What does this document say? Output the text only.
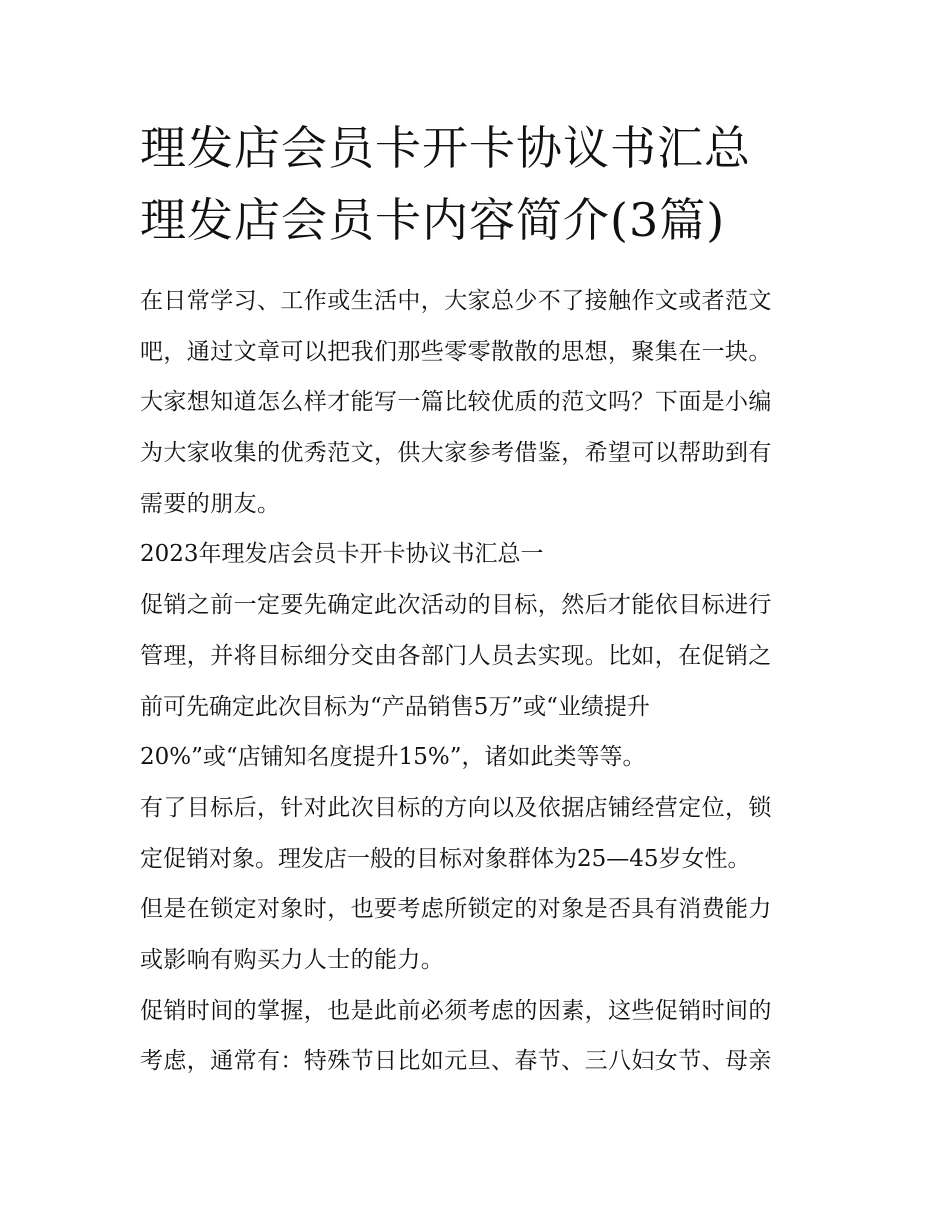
理发店会员卡开卡协议书汇总
理发店会员卡内容简介(3篇)
在日常学习、工作或生活中，大家总少不了接触作文或者范文
吧，通过文章可以把我们那些零零散散的思想，聚集在一块。
大家想知道怎么样才能写一篇比较优质的范文吗？下面是小编
为大家收集的优秀范文，供大家参考借鉴，希望可以帮助到有
需要的朋友。
2023年理发店会员卡开卡协议书汇总一
促销之前一定要先确定此次活动的目标，然后才能依目标进行
管理，并将目标细分交由各部门人员去实现。比如，在促销之
前可先确定此次目标为“产品销售5万”或“业绩提升
20%”或“店铺知名度提升15%”，诸如此类等等。
有了目标后，针对此次目标的方向以及依据店铺经营定位，锁
定促销对象。理发店一般的目标对象群体为25—45岁女性。
但是在锁定对象时，也要考虑所锁定的对象是否具有消费能力
或影响有购买力人士的能力。
促销时间的掌握，也是此前必须考虑的因素，这些促销时间的
考虑，通常有：特殊节日比如元旦、春节、三八妇女节、母亲
